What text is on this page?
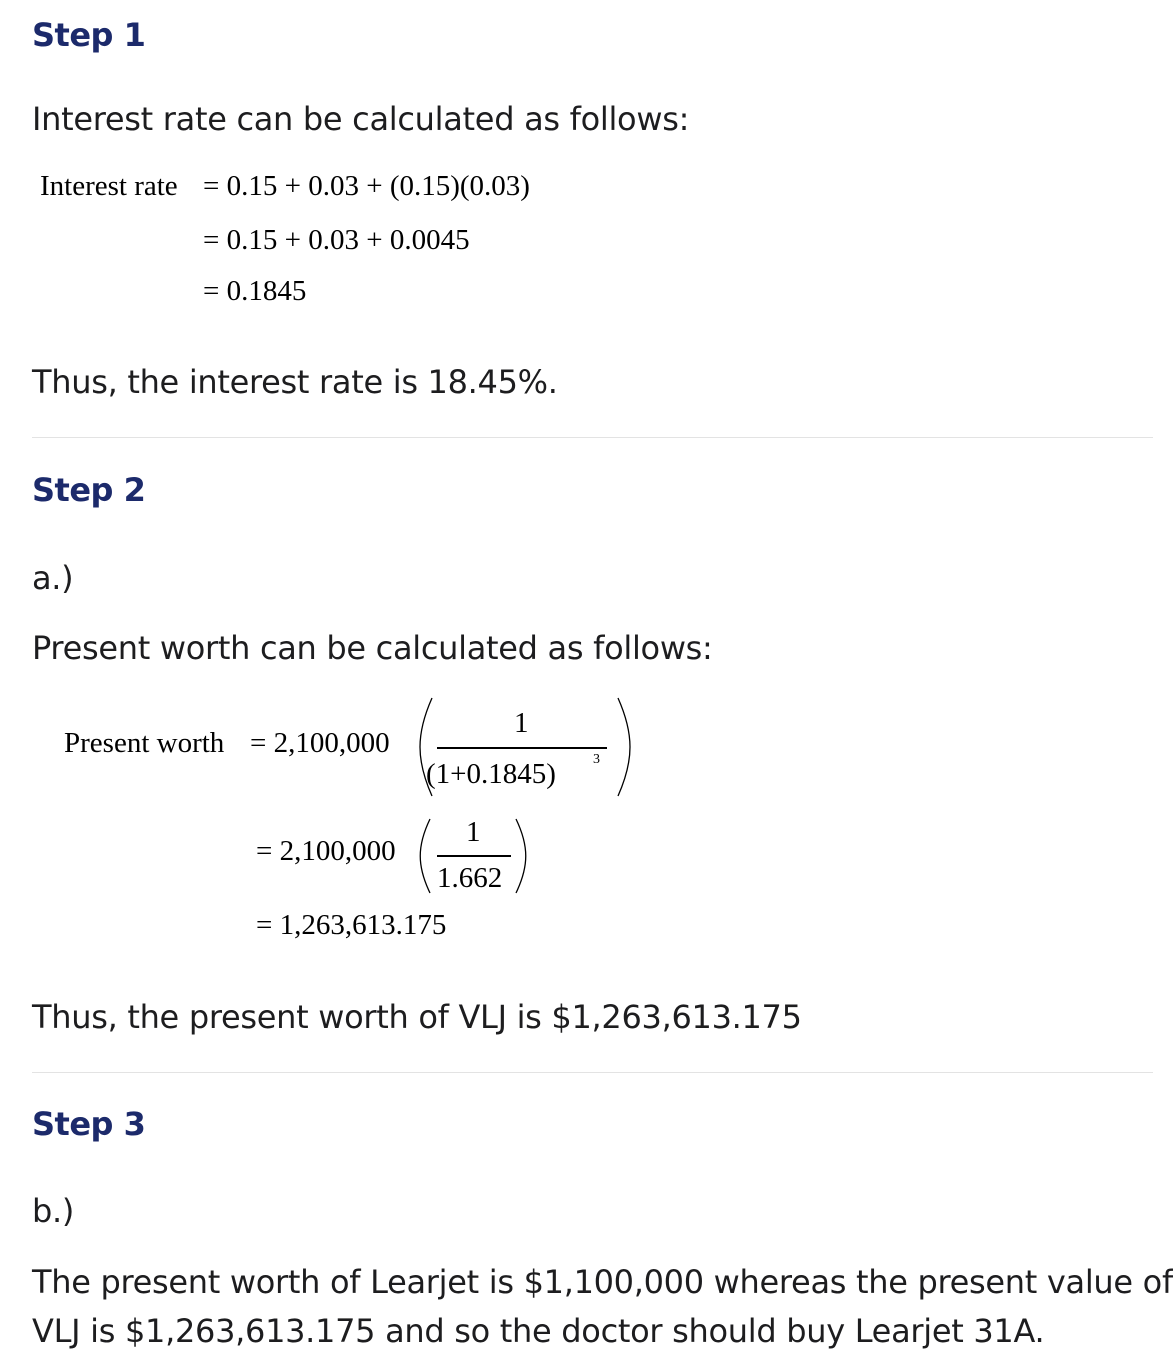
Step 1
Interest rate can be calculated as follows:
Interest rate = 0.15 + 0.03 + (0.15)(0.03)
= 0.15 + 0.03 + 0.0045
= 0.1845
Thus, the interest rate is 18.45%.
Step 2
a.)
Present worth can be calculated as follows:
Present worth = 2,100,000
1
(1+0.1845)	3
= 2,100,000
1
1.662
= 1,263,613.175
Thus, the present worth of VLJ is $1,263,613.175
Step 3
b.)
The present worth of Learjet is $1,100,000 whereas the present value of
VLJ is $1,263,613.175 and so the doctor should buy Learjet 31A.
